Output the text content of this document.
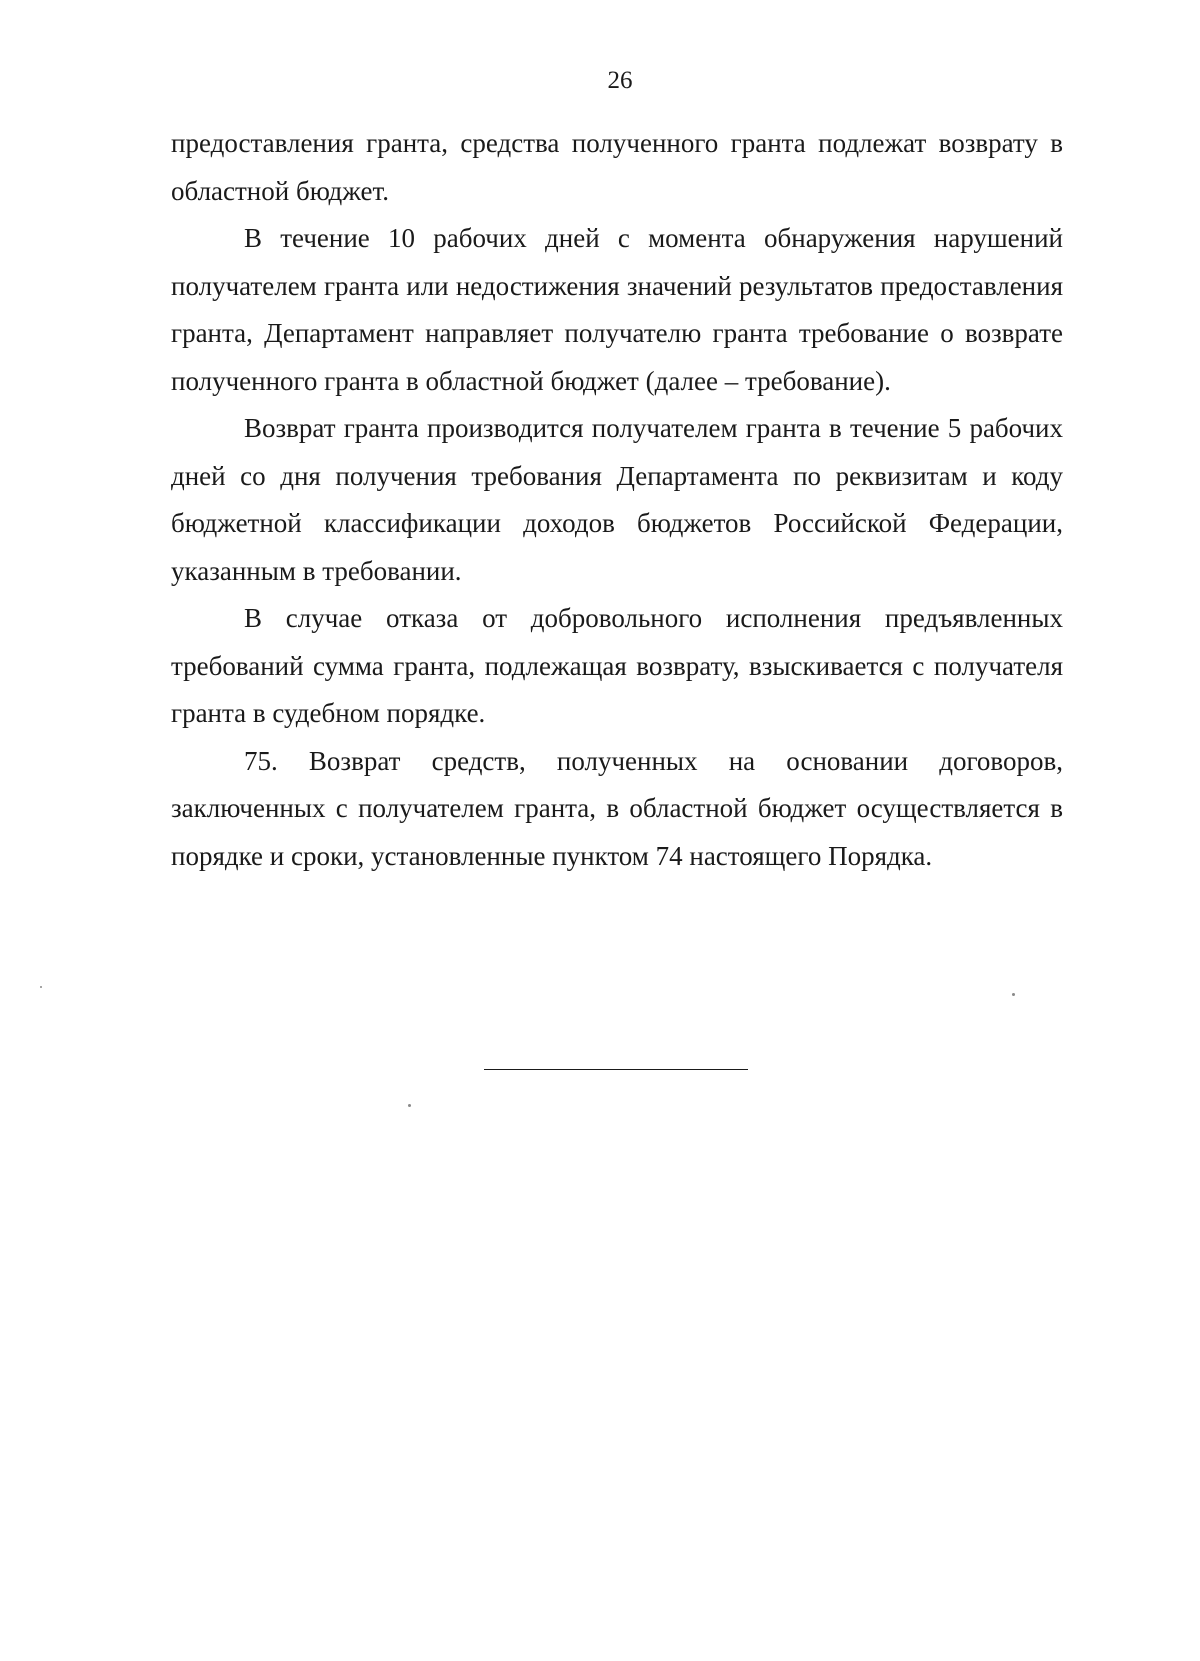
26

предоставления гранта, средства полученного гранта подлежат возврату в областной бюджет.

В течение 10 рабочих дней с момента обнаружения нарушений получателем гранта или недостижения значений результатов предоставления гранта, Департамент направляет получателю гранта требование о возврате полученного гранта в областной бюджет (далее – требование).

Возврат гранта производится получателем гранта в течение 5 рабочих дней со дня получения требования Департамента по реквизитам и коду бюджетной классификации доходов бюджетов Российской Федерации, указанным в требовании.

В случае отказа от добровольного исполнения предъявленных требований сумма гранта, подлежащая возврату, взыскивается с получателя гранта в судебном порядке.

75. Возврат средств, полученных на основании договоров, заключенных с получателем гранта, в областной бюджет осуществляется в порядке и сроки, установленные пунктом 74 настоящего Порядка.
